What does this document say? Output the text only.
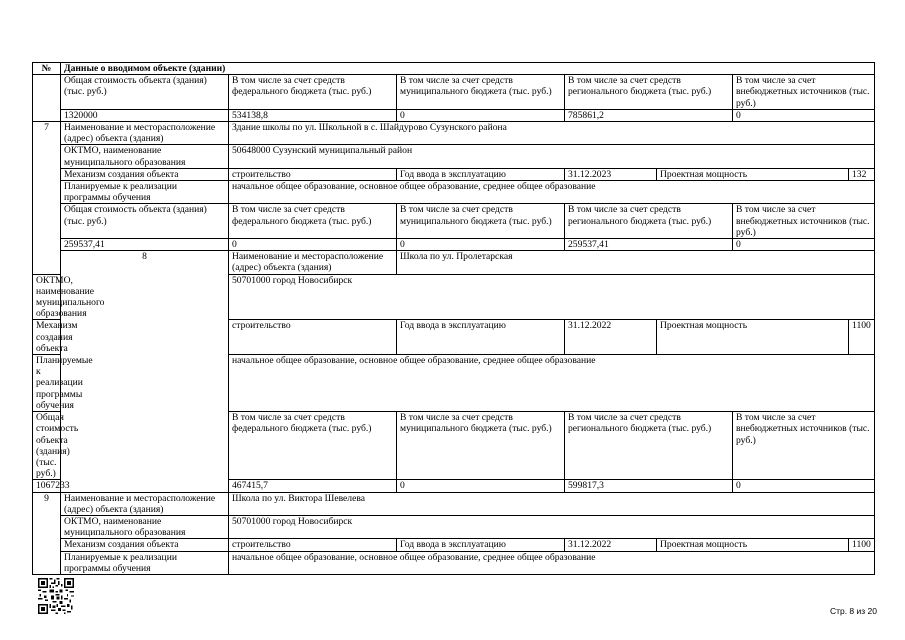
№	Данные о вводимом объекте (здании)						
	Общая стоимость объекта (здания) (тыс. руб.)	В том числе за счет средств федерального бюджета (тыс. руб.)	В том числе за счет средств муниципального бюджета (тыс. руб.)	В том числе за счет средств регионального бюджета (тыс. руб.)		В том числе за счет внебюджетных источников (тыс. руб.)	
	1320000	534138,8	0	785861,2		0	
7	Наименование и месторасположение (адрес) объекта (здания)	Здание школы по ул. Школьной в с. Шайдурово Сузунского района					
	ОКТМО, наименование муниципального образования	50648000 Сузунский муниципальный район					
	Механизм создания объекта	строительство	Год ввода в эксплуатацию	31.12.2023	Проектная мощность		132
	Планируемые к реализации программы обучения	начальное общее образование, основное общее образование, среднее общее образование					
	Общая стоимость объекта (здания) (тыс. руб.)	В том числе за счет средств федерального бюджета (тыс. руб.)	В том числе за счет средств муниципального бюджета (тыс. руб.)	В том числе за счет средств регионального бюджета (тыс. руб.)		В том числе за счет внебюджетных источников (тыс. руб.)	
	259537,41	0	0	259537,41		0	
	8	Наименование и месторасположение (адрес) объекта (здания)	Школа по ул. Пролетарская				
ОКТМО, наименование муниципального образования		50701000 город Новосибирск					
Механизм создания объекта		строительство	Год ввода в эксплуатацию	31.12.2022	Проектная мощность		1100
Планируемые к реализации программы обучения		начальное общее образование, основное общее образование, среднее общее образование					
Общая стоимость объекта (здания) (тыс. руб.)		В том числе за счет средств федерального бюджета (тыс. руб.)	В том числе за счет средств муниципального бюджета (тыс. руб.)	В том числе за счет средств регионального бюджета (тыс. руб.)		В том числе за счет внебюджетных источников (тыс. руб.)	
1067233		467415,7	0	599817,3		0	
9	Наименование и месторасположение (адрес) объекта (здания)	Школа по ул. Виктора Шевелева					
	ОКТМО, наименование муниципального образования	50701000 город Новосибирск					
	Механизм создания объекта	строительство	Год ввода в эксплуатацию	31.12.2022	Проектная мощность		1100
	Планируемые к реализации программы обучения	начальное общее образование, основное общее образование, среднее общее образование					
Стр. 8 из 20
